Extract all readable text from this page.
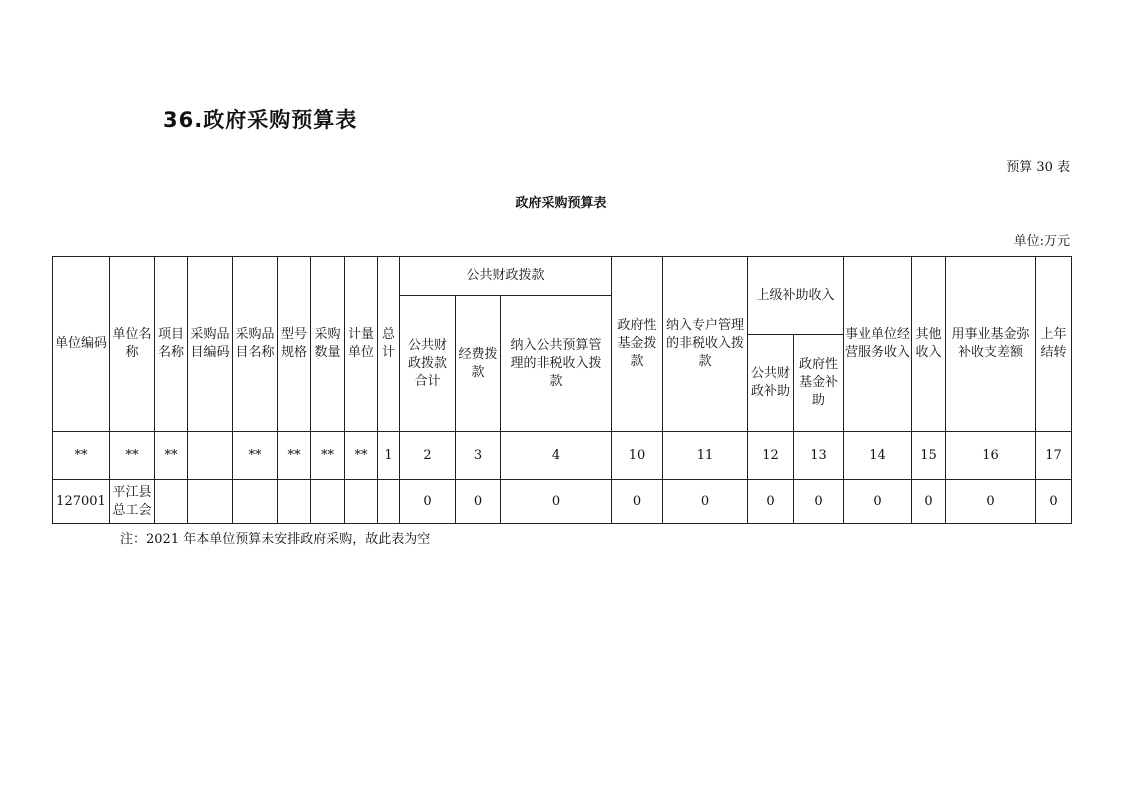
36.政府采购预算表
预算 30 表
政府采购预算表
单位:万元
单位编码	单位名称	项目名称	采购品目编码	采购品目名称	型号规格	采购数量	计量单位	总计	公共财政拨款			政府性基金拨款	纳入专户管理的非税收入拨款	上级补助收入		事业单位经营服务收入	其他收入	用事业基金弥补收支差额	上年结转
									公共财政拨款合计	经费拨款	纳入公共预算管理的非税收入拨款								
														公共财政补助	政府性基金补助				
**	**	**		**	**	**	**	1	2	3	4	10	11	12	13	14	15	16	17
127001	平江县总工会								0	0	0	0	0	0	0	0	0	0	0
注：2021 年本单位预算未安排政府采购，故此表为空
